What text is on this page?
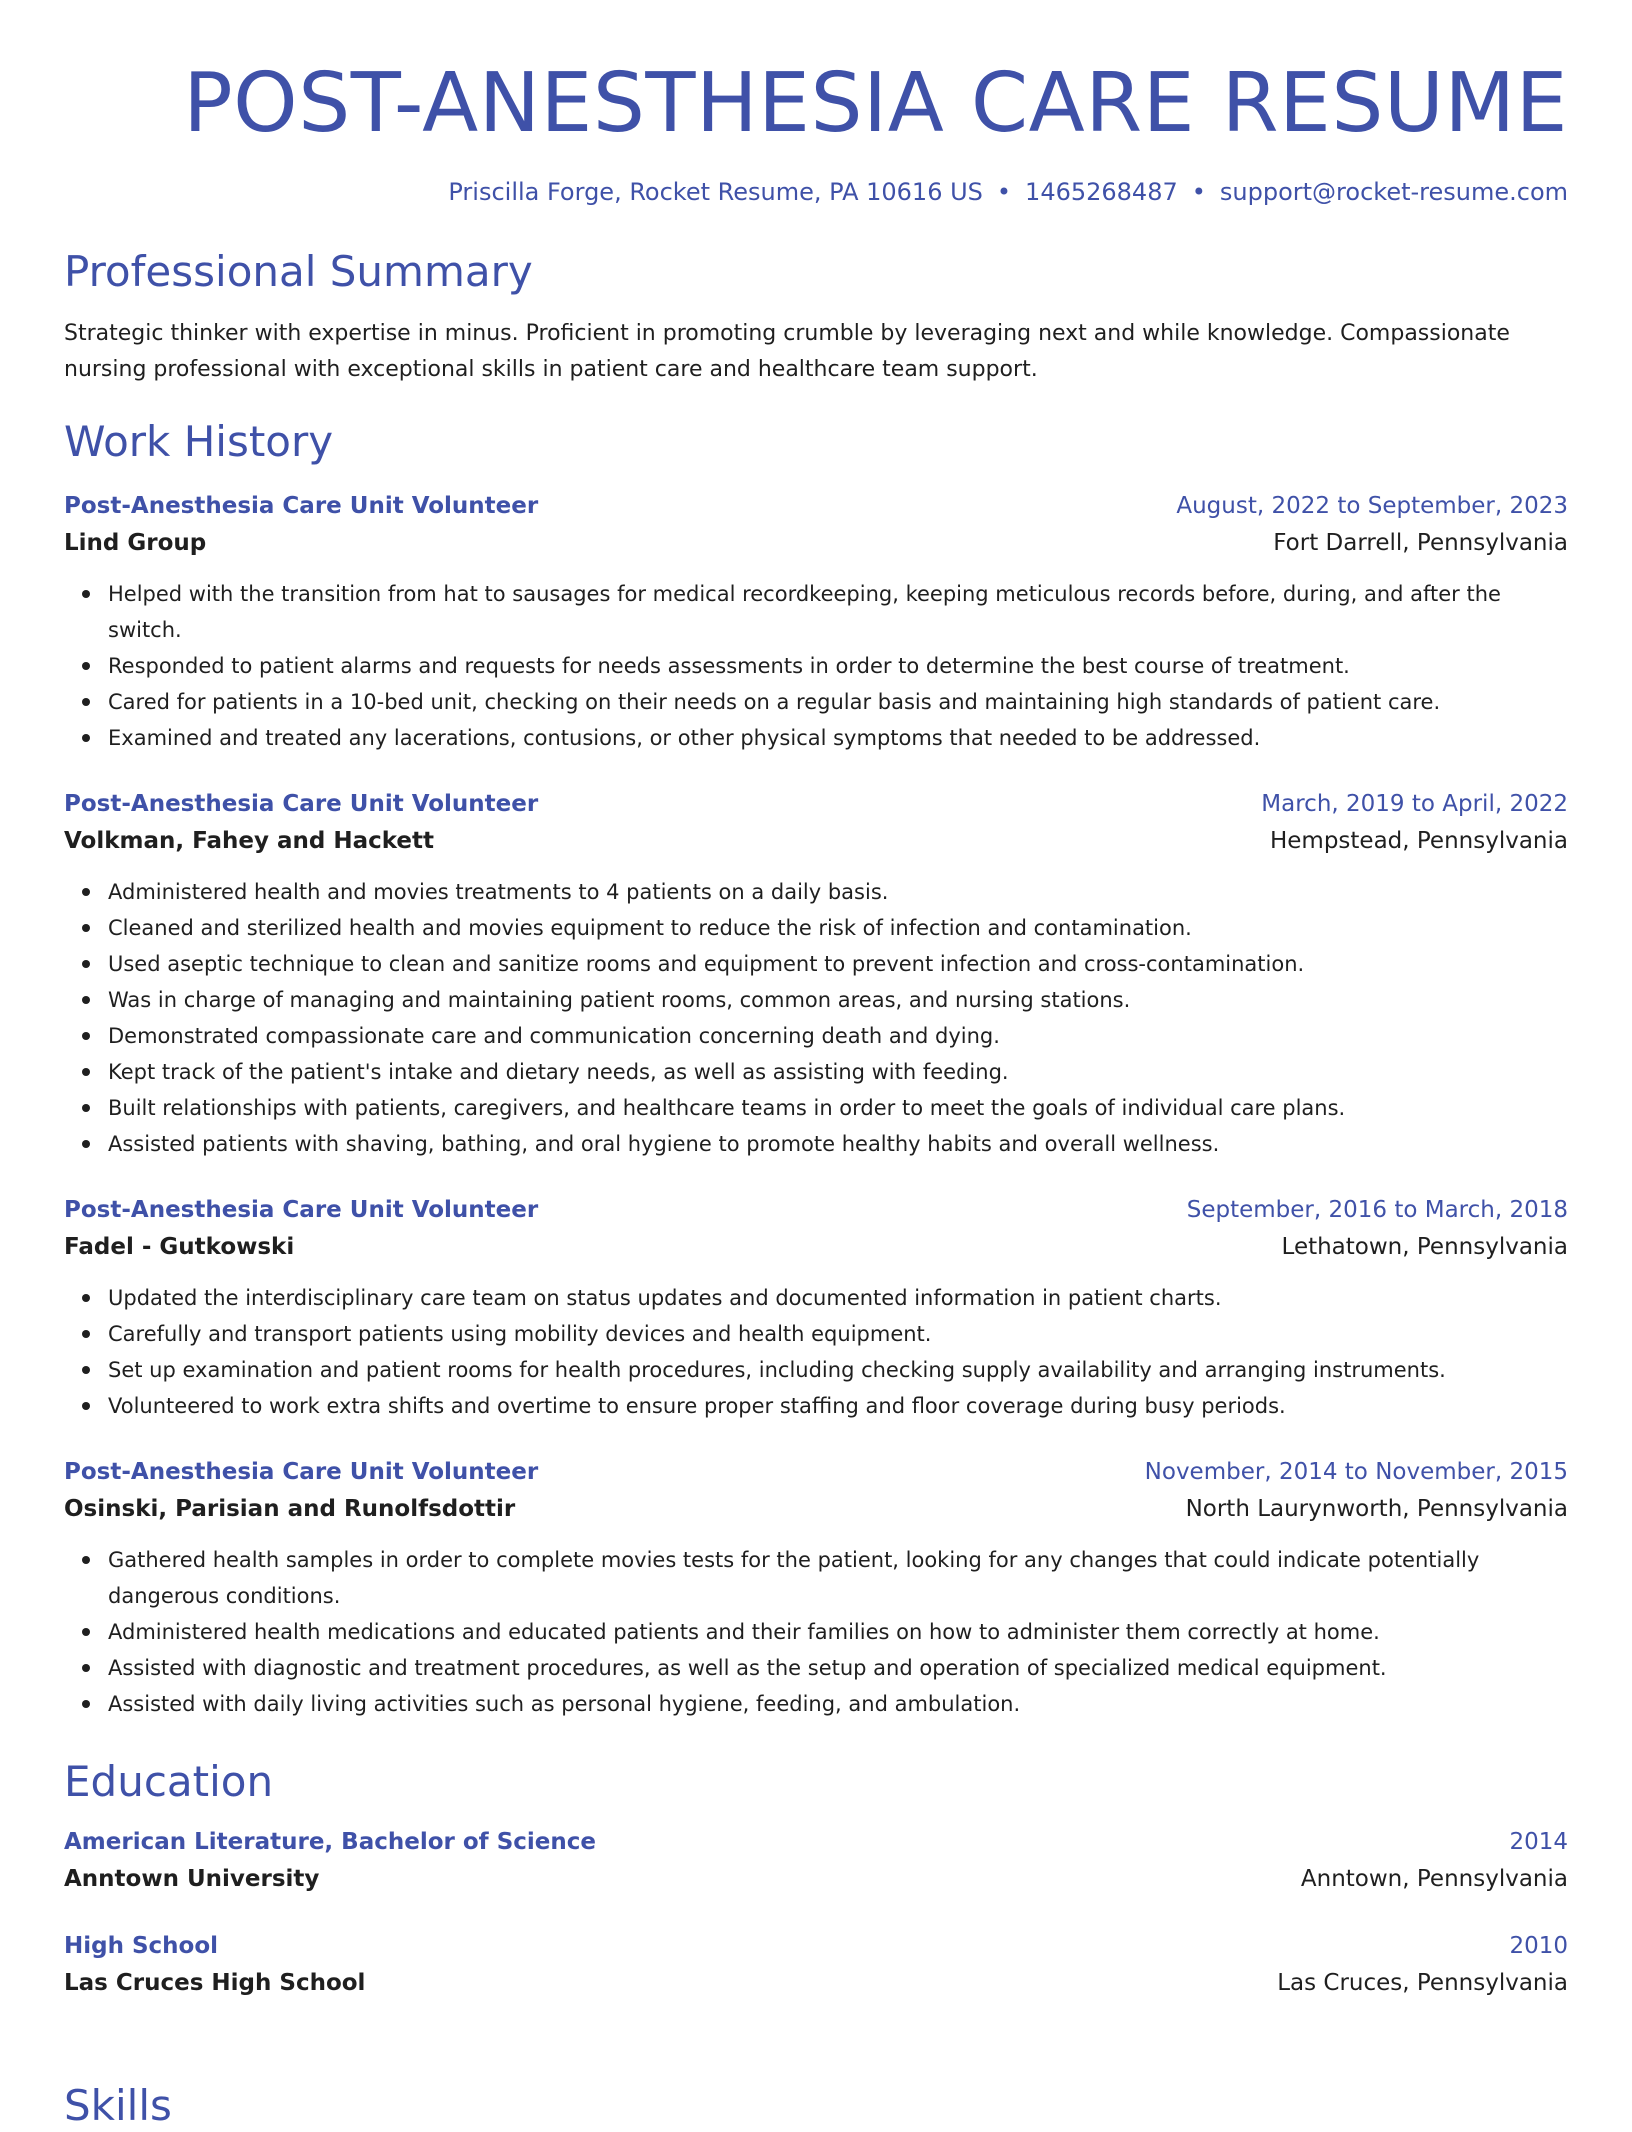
POST-ANESTHESIA CARE RESUME
Priscilla Forge, Rocket Resume, PA 10616 US • 1465268487 • support@rocket-resume.com
Professional Summary
Strategic thinker with expertise in minus. Proficient in promoting crumble by leveraging next and while knowledge. Compassionate nursing professional with exceptional skills in patient care and healthcare team support.
Work History
Post-Anesthesia Care Unit Volunteer	August, 2022 to September, 2023
Lind Group	Fort Darrell, Pennsylvania
Helped with the transition from hat to sausages for medical recordkeeping, keeping meticulous records before, during, and after the switch.
Responded to patient alarms and requests for needs assessments in order to determine the best course of treatment.
Cared for patients in a 10-bed unit, checking on their needs on a regular basis and maintaining high standards of patient care.
Examined and treated any lacerations, contusions, or other physical symptoms that needed to be addressed.
Post-Anesthesia Care Unit Volunteer	March, 2019 to April, 2022
Volkman, Fahey and Hackett	Hempstead, Pennsylvania
Administered health and movies treatments to 4 patients on a daily basis.
Cleaned and sterilized health and movies equipment to reduce the risk of infection and contamination.
Used aseptic technique to clean and sanitize rooms and equipment to prevent infection and cross-contamination.
Was in charge of managing and maintaining patient rooms, common areas, and nursing stations.
Demonstrated compassionate care and communication concerning death and dying.
Kept track of the patient's intake and dietary needs, as well as assisting with feeding.
Built relationships with patients, caregivers, and healthcare teams in order to meet the goals of individual care plans.
Assisted patients with shaving, bathing, and oral hygiene to promote healthy habits and overall wellness.
Post-Anesthesia Care Unit Volunteer	September, 2016 to March, 2018
Fadel - Gutkowski	Lethatown, Pennsylvania
Updated the interdisciplinary care team on status updates and documented information in patient charts.
Carefully and transport patients using mobility devices and health equipment.
Set up examination and patient rooms for health procedures, including checking supply availability and arranging instruments.
Volunteered to work extra shifts and overtime to ensure proper staffing and floor coverage during busy periods.
Post-Anesthesia Care Unit Volunteer	November, 2014 to November, 2015
Osinski, Parisian and Runolfsdottir	North Laurynworth, Pennsylvania
Gathered health samples in order to complete movies tests for the patient, looking for any changes that could indicate potentially dangerous conditions.
Administered health medications and educated patients and their families on how to administer them correctly at home.
Assisted with diagnostic and treatment procedures, as well as the setup and operation of specialized medical equipment.
Assisted with daily living activities such as personal hygiene, feeding, and ambulation.
Education
American Literature, Bachelor of Science	2014
Anntown University	Anntown, Pennsylvania
High School	2010
Las Cruces High School	Las Cruces, Pennsylvania
Skills
